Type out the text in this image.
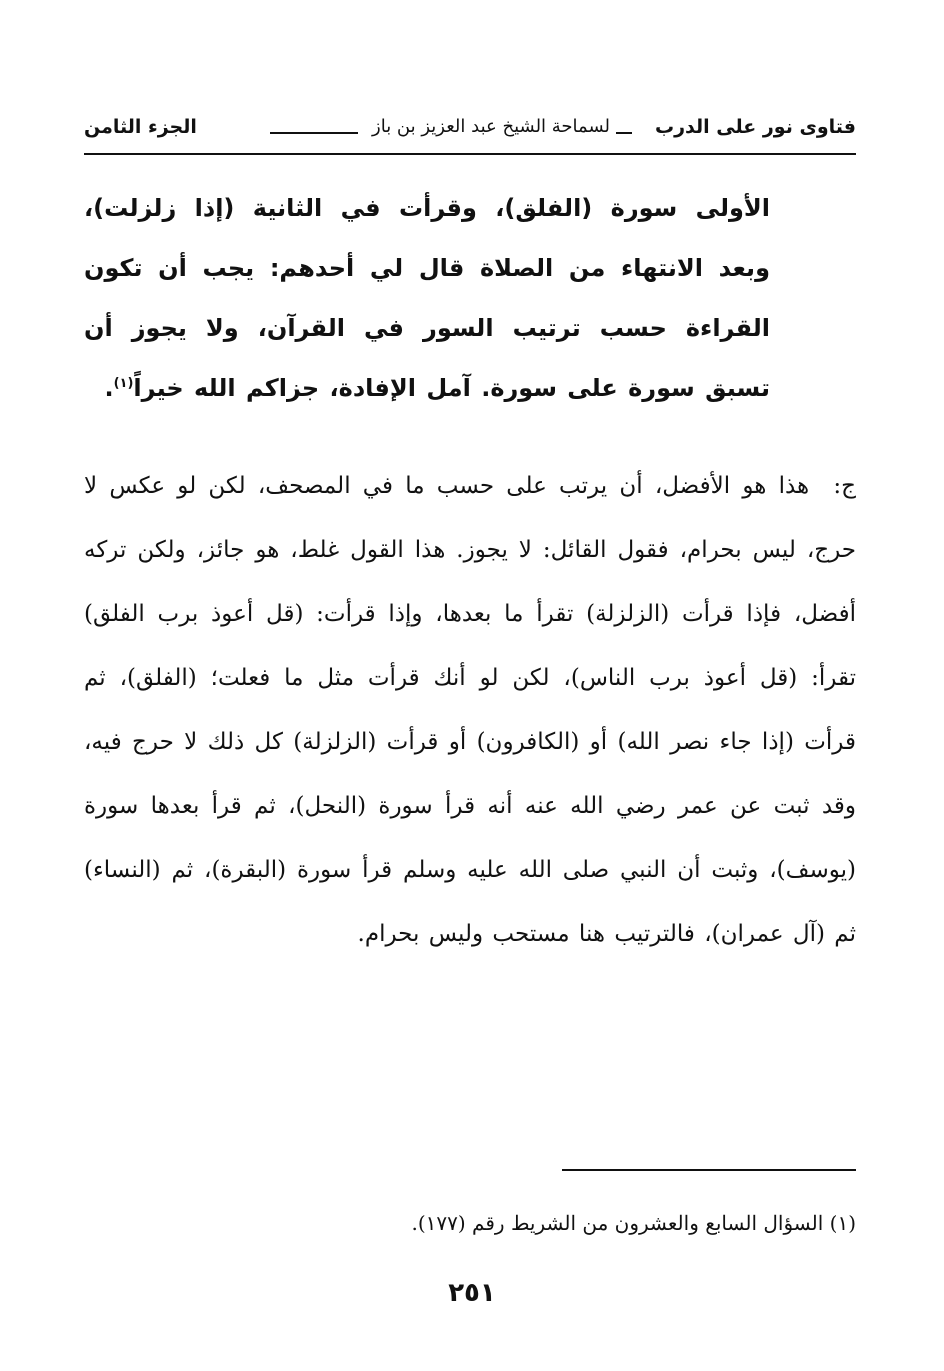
فتاوى نور على الدرب
لسماحة الشيخ عبد العزيز بن باز
الجزء الثامن

الأولى سورة (الفلق)، وقرأت في الثانية (إذا زلزلت)، وبعد الانتهاء من الصلاة قال لي أحدهم: يجب أن تكون القراءة حسب ترتيب السور في القرآن، ولا يجوز أن تسبق سورة على سورة. آمل الإفادة، جزاكم الله خيراً$^{(١)}$.

ج: هذا هو الأفضل، أن يرتب على حسب ما في المصحف، لكن لو عكس لا حرج، ليس بحرام، فقول القائل: لا يجوز. هذا القول غلط، هو جائز، ولكن تركه أفضل، فإذا قرأت (الزلزلة) تقرأ ما بعدها، وإذا قرأت: (قل أعوذ برب الفلق) تقرأ: (قل أعوذ برب الناس)، لكن لو أنك قرأت مثل ما فعلت؛ (الفلق)، ثم قرأت (إذا جاء نصر الله) أو (الكافرون) أو قرأت (الزلزلة) كل ذلك لا حرج فيه، وقد ثبت عن عمر رضي الله عنه أنه قرأ سورة (النحل)، ثم قرأ بعدها سورة (يوسف)، وثبت أن النبي صلى الله عليه وسلم قرأ سورة (البقرة)، ثم (النساء) ثم (آل عمران)، فالترتيب هنا مستحب وليس بحرام.

(١) السؤال السابع والعشرون من الشريط رقم (١٧٧).
٢٥١
